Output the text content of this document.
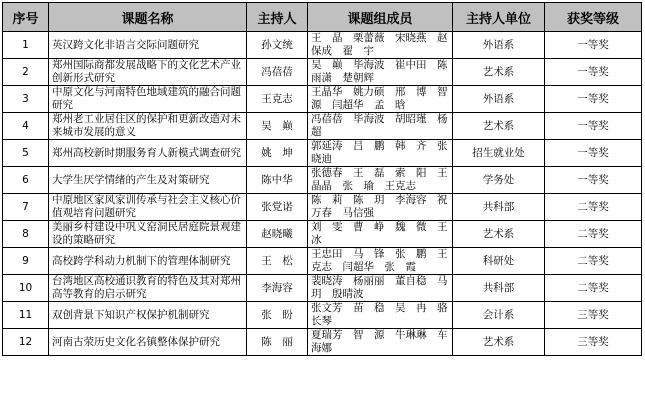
序号	课题名称	主持人	课题组成员	主持人单位	获奖等级
1	英汉跨文化非语言交际问题研究	孙文统	王　晶　栗蕾薇　宋晓燕　赵保成　翟　宇	外语系	一等奖
2	郑州国际商都发展战略下的文化艺术产业创新形式研究	冯蓓蓓	吴　巅　毕海波　崔中田　陈雨潇　楚朝辉	艺术系	一等奖
3	中原文化与河南特色地域建筑的融合问题研究	王克志	王晶华　姚力硕　邢　博　智　源　闫超华　孟　晗	外语系	一等奖
4	郑州老工业居住区的保护和更新改造对未来城市发展的意义	吴　巅	冯蓓蓓　毕海波　胡昭瑾　杨　超	艺术系	一等奖
5	郑州高校新时期服务育人新模式调查研究	姚　坤	郭延涛　吕　鹏　韩　齐　张晓迪	招生就业处	一等奖
6	大学生厌学情绪的产生及对策研究	陈中华	张德春　王　磊　索　阳　王晶晶　张　瑜　王克志	学务处	一等奖
7	中原地区家风家训传承与社会主义核心价值观培育问题研究	张党诺	陈　莉　陈　玥　李海容　祝万春　马信强	共科部	二等奖
8	美丽乡村建设中巩义窑洞民居庭院景观建设的策略研究	赵晓曦	刘　雯　曹　峥　魏　微　王　冰	艺术系	二等奖
9	高校跨学科动力机制下的管理体制研究	王　松	王忠田　马　锋　张　鹏　王克志　闫超华　张　霞	科研处	二等奖
10	台湾地区高校通识教育的特色及其对郑州高等教育的启示研究	李海容	裴晓涛　杨丽丽　董自稳　马　玥　殷晴波	共科部	二等奖
11	双创背景下知识产权保护机制研究	张　盼	张文芳　苗　稳　吴　冉　骆长琴	会计系	三等奖
12	河南古荥历史文化名镇整体保护研究	陈　丽	夏瑞芳　智　源　牛琳琳　车海娜	艺术系	三等奖
